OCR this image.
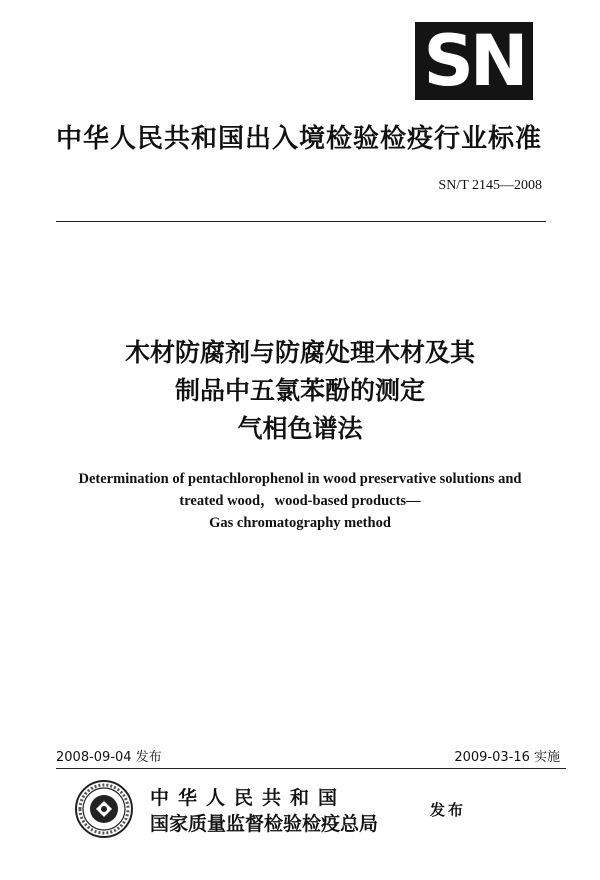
SN
中华人民共和国出入境检验检疫行业标准
SN/T 2145—2008
木材防腐剂与防腐处理木材及其
制品中五氯苯酚的测定
气相色谱法
Determination of pentachlorophenol in wood preservative solutions and
treated wood，wood-based products—
Gas chromatography method
2008-09-04 发布	2009-03-16 实施
中华人民共和国
国家质量监督检验检疫总局
发布
